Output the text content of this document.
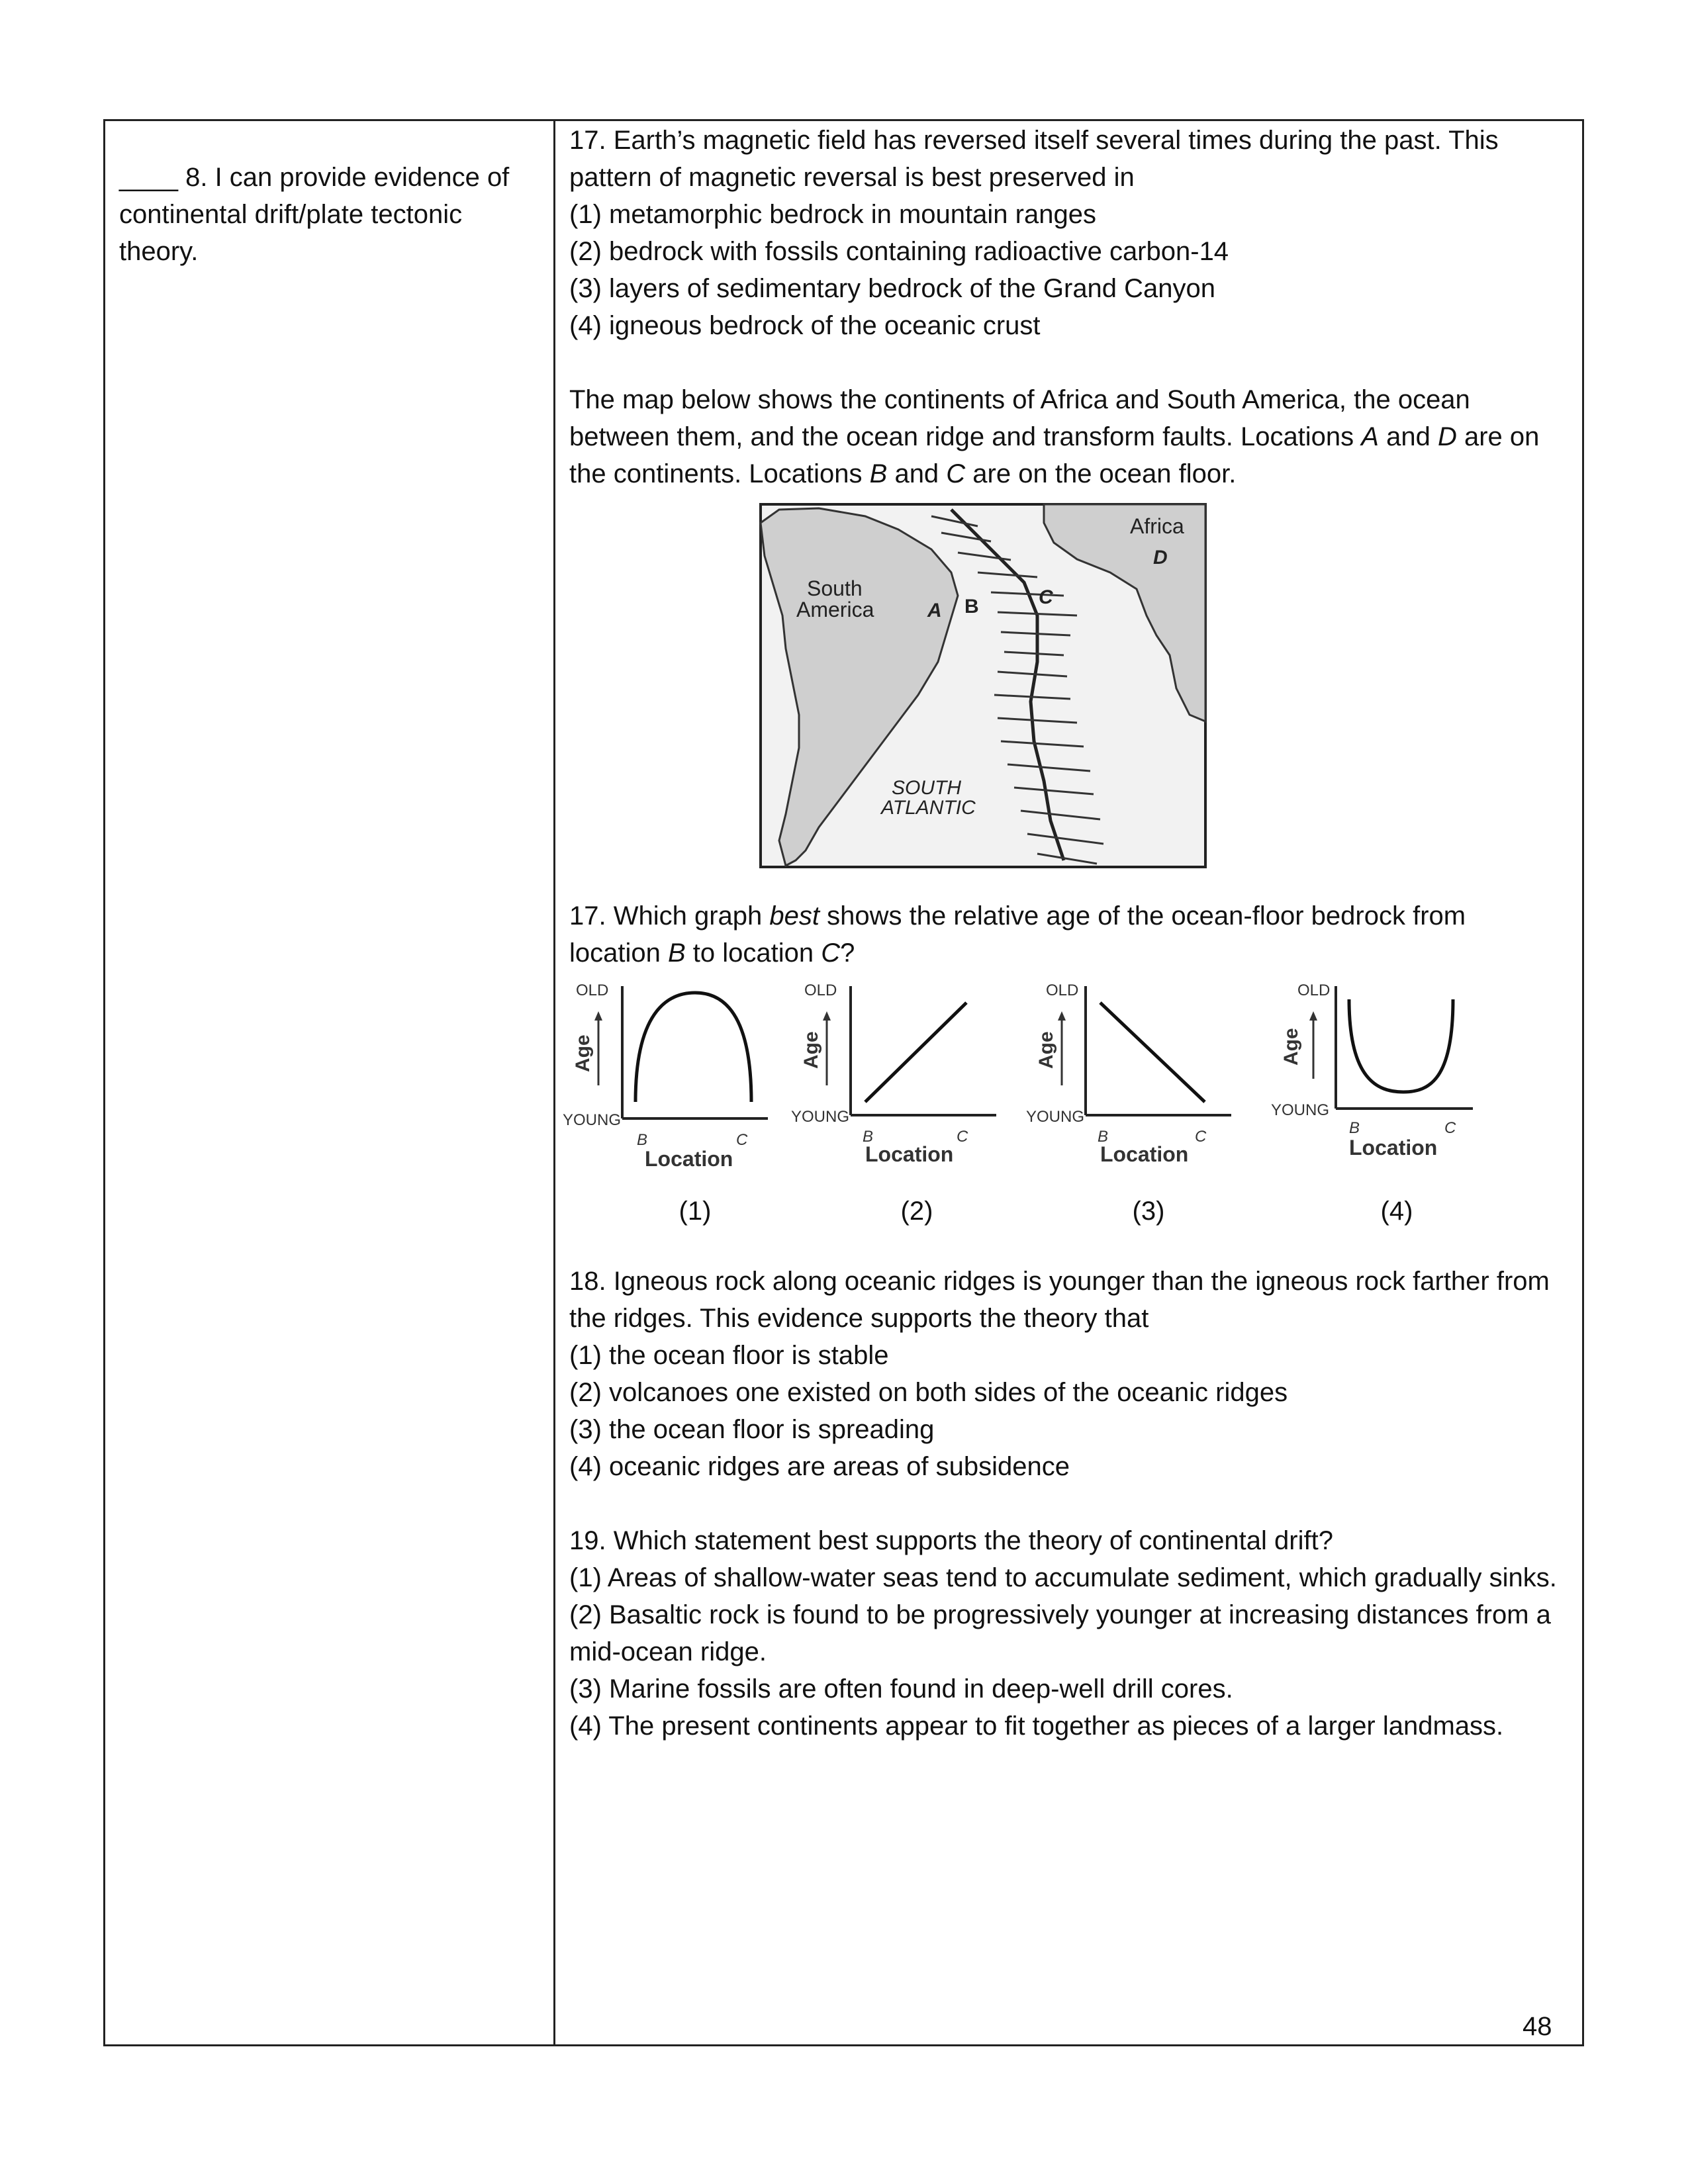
____ 8. I can provide evidence of continental drift/plate tectonic theory.

17. Earth’s magnetic field has reversed itself several times during the past. This pattern of magnetic reversal is best preserved in

(1) metamorphic bedrock in mountain ranges

(2) bedrock with fossils containing radioactive carbon-14

(3) layers of sedimentary bedrock of the Grand Canyon

(4) igneous bedrock of the oceanic crust

The map below shows the continents of Africa and South America, the ocean between them, and the ocean ridge and transform faults. Locations A and D are on the continents. Locations B and C are on the ocean floor.

Africa
D
South
America	A B	C
SOUTH
ATLANTIC

17. Which graph best shows the relative age of the ocean-floor bedrock from location B to location C?

OLD
YOUNG
Age
B	C
Location
(1)
OLD
YOUNG
Age
B	C
Location
(2)
OLD
YOUNG
Age
B	C
Location
(3)
OLD
YOUNG
Age
B	C
Location
(4)

18. Igneous rock along oceanic ridges is younger than the igneous rock farther from the ridges. This evidence supports the theory that

(1) the ocean floor is stable

(2) volcanoes one existed on both sides of the oceanic ridges

(3) the ocean floor is spreading

(4) oceanic ridges are areas of subsidence

19. Which statement best supports the theory of continental drift?

(1) Areas of shallow-water seas tend to accumulate sediment, which gradually sinks.

(2) Basaltic rock is found to be progressively younger at increasing distances from a mid-ocean ridge.

(3) Marine fossils are often found in deep-well drill cores.

(4) The present continents appear to fit together as pieces of a larger landmass.

48
